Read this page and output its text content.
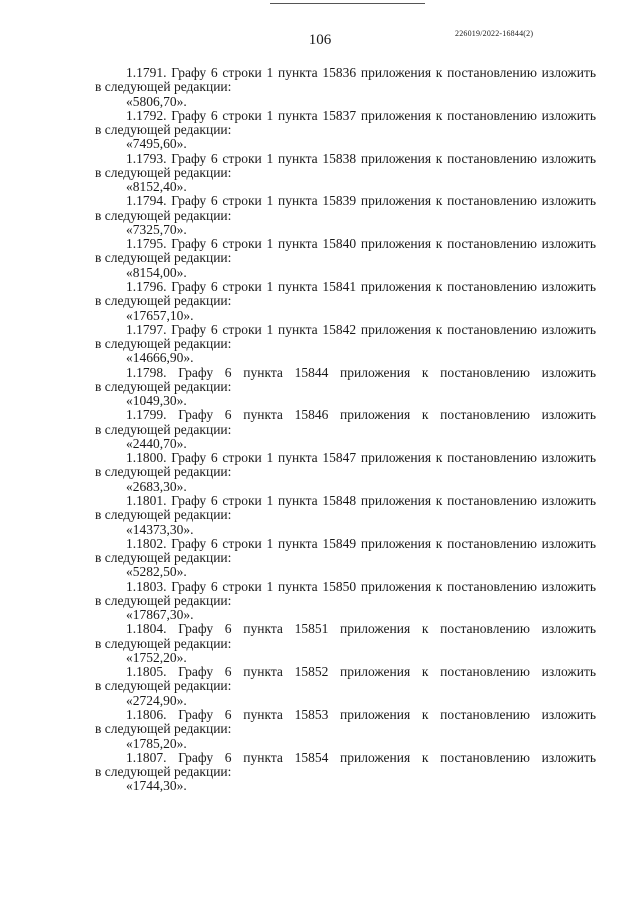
106	226019/2022-16844(2)
1.1791. Графу 6 строки 1 пункта 15836 приложения к постановлению изложить
в следующей редакции:
«5806,70».
1.1792. Графу 6 строки 1 пункта 15837 приложения к постановлению изложить
в следующей редакции:
«7495,60».
1.1793. Графу 6 строки 1 пункта 15838 приложения к постановлению изложить
в следующей редакции:
«8152,40».
1.1794. Графу 6 строки 1 пункта 15839 приложения к постановлению изложить
в следующей редакции:
«7325,70».
1.1795. Графу 6 строки 1 пункта 15840 приложения к постановлению изложить
в следующей редакции:
«8154,00».
1.1796. Графу 6 строки 1 пункта 15841 приложения к постановлению изложить
в следующей редакции:
«17657,10».
1.1797. Графу 6 строки 1 пункта 15842 приложения к постановлению изложить
в следующей редакции:
«14666,90».
1.1798. Графу 6 пункта 15844 приложения к постановлению изложить
в следующей редакции:
«1049,30».
1.1799. Графу 6 пункта 15846 приложения к постановлению изложить
в следующей редакции:
«2440,70».
1.1800. Графу 6 строки 1 пункта 15847 приложения к постановлению изложить
в следующей редакции:
«2683,30».
1.1801. Графу 6 строки 1 пункта 15848 приложения к постановлению изложить
в следующей редакции:
«14373,30».
1.1802. Графу 6 строки 1 пункта 15849 приложения к постановлению изложить
в следующей редакции:
«5282,50».
1.1803. Графу 6 строки 1 пункта 15850 приложения к постановлению изложить
в следующей редакции:
«17867,30».
1.1804. Графу 6 пункта 15851 приложения к постановлению изложить
в следующей редакции:
«1752,20».
1.1805. Графу 6 пункта 15852 приложения к постановлению изложить
в следующей редакции:
«2724,90».
1.1806. Графу 6 пункта 15853 приложения к постановлению изложить
в следующей редакции:
«1785,20».
1.1807. Графу 6 пункта 15854 приложения к постановлению изложить
в следующей редакции:
«1744,30».
